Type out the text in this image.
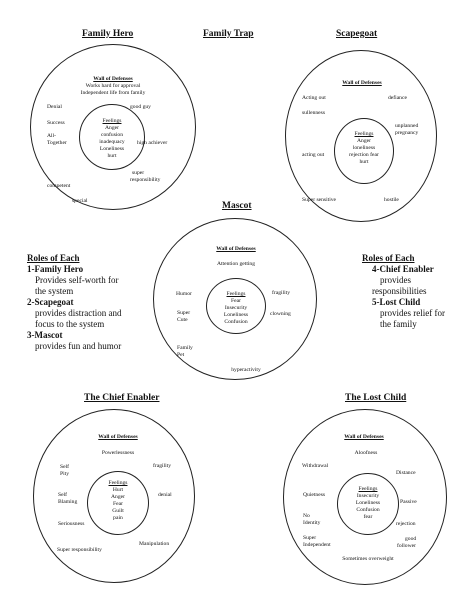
Family Hero	Family Trap	Scapegoat
Mascot
The Chief Enabler	The Lost Child
Wall of Defenses
Works hard for approval
Independent life from family
Denial	good guy
Success
All-
Together	high achiever
super
responsibility
competent
special
Feelings
Anger
confusion
inadequacy
Loneliness
hurt
Wall of Defenses
Acting out	defiance
sullenness
unplanned
pregnancy
acting out
Super sensitive	hostile
Feelings
Anger
loneliness
rejection fear
hurt
Wall of Defenses
Attention getting
Humor	fragility
Super
Cute
clowning
Family
Pet
hyperactivity
Feelings
Fear
Insecurity
Loneliness
Confusion
Wall of Defenses
Powerlessness
Self
Pity
fragility
Self
Blaming
denial
Seriousness
Manipulation
Super responsibility
Feelings
Hurt
Anger
Fear
Guilt
pain
Wall of Defenses
Aloofness
Withdrawal
Distance
Quietness
Passive
No
Identity	rejection
Super
Independent
good
follower
Sometimes overweight
Feelings
Insecurity
Loneliness
Confusion
fear
Roles of Each
1-Family Hero
Provides self-worth for
the system
2-Scapegoat
provides distraction and
focus to the system
3-Mascot
provides fun and humor
Roles of Each
4-Chief Enabler
provides
responsibilities
5-Lost Child
provides relief for
the family
